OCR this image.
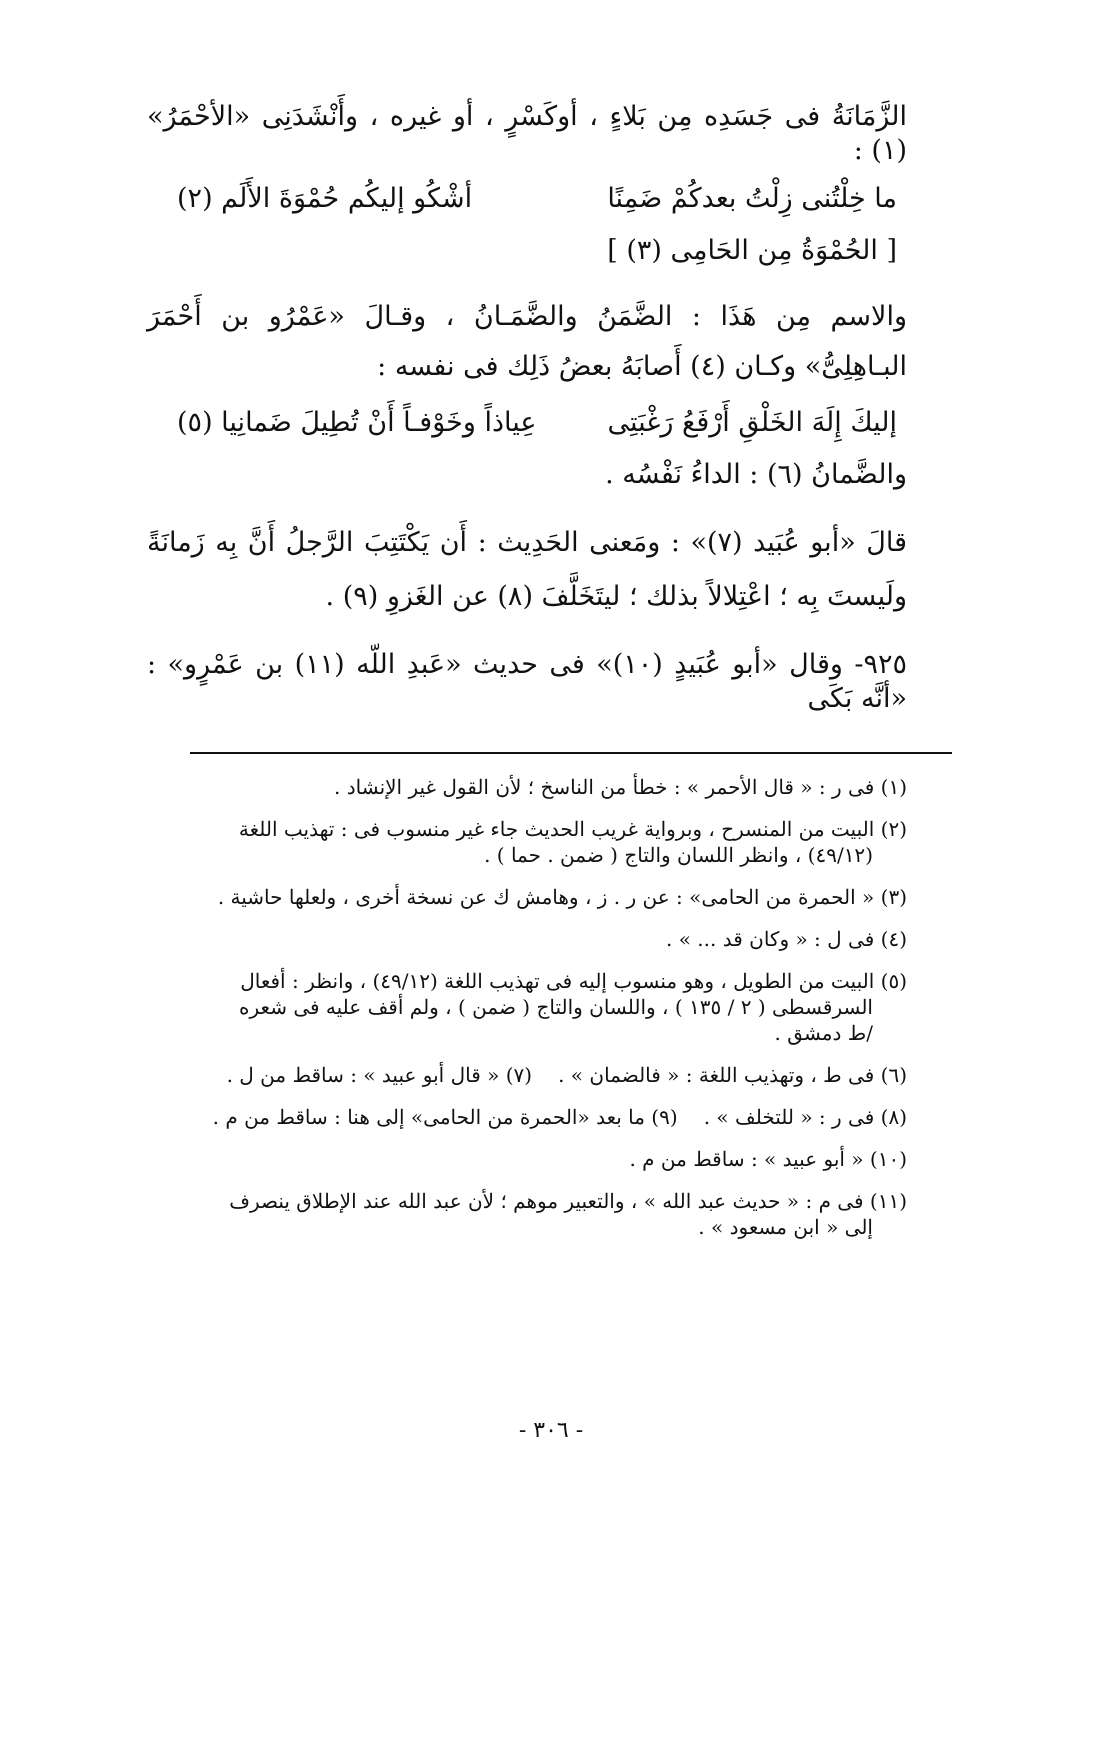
الزَّمَانَةُ فى جَسَدِه مِن بَلاءٍ ، أوكَسْرٍ ، أو غيره ، وأَنْشَدَنِى «الأحْمَرُ» (١) :

ما خِلْتُنى زِلْتُ بعدكُمْ ضَمِنًا
أشْكُو إليكُم حُمْوَةَ الأَلَم (٢)

[ الحُمْوَةُ مِن الحَامِى (٣) ]

والاسم مِن هَذَا : الضَّمَنُ والضَّمَـانُ ، وقـالَ «عَمْرُو بن أَحْمَرَ البـاهِلِىُّ» وكـان (٤) أَصابَهُ بعضُ ذَلِك فى نفسه :

إليكَ إِلَهَ الخَلْقِ أَرْفَعُ رَغْبَتِى
عِياذاً وخَوْفـاً أَنْ تُطِيلَ ضَمانِيا (٥)

والضَّمانُ (٦) : الداءُ نَفْسُه .

قالَ «أبو عُبَيد (٧)» : ومَعنى الحَدِيث : أَن يَكْتَتِبَ الرَّجلُ أَنَّ بِه زَمانَةً ولَيستَ بِه ؛ اعْتِلالاً بذلك ؛ ليتَخَلَّفَ (٨) عن الغَزوِ (٩) .

٩٢٥- وقال «أبو عُبَيدٍ (١٠)» فى حديث «عَبدِ اللّه (١١) بن عَمْرٍو» : «أنَّه بَكَى

(١) فى ر : « قال الأحمر » : خطأ من الناسخ ؛ لأن القول غير الإنشاد .

(٢) البيت من المنسرح ، وبرواية غريب الحديث جاء غير منسوب فى : تهذيب اللغة
(٤٩/١٢) ، وانظر اللسان والتاج ( ضمن . حما ) .

(٣) « الحمرة من الحامى» : عن ر . ز ، وهامش ك عن نسخة أخرى ، ولعلها حاشية .

(٤) فى ل : « وكان قد ... » .

(٥) البيت من الطويل ، وهو منسوب إليه فى تهذيب اللغة (٤٩/١٢) ، وانظر : أفعال
السرقسطى ( ٢ / ١٣٥ ) ، واللسان والتاج ( ضمن ) ، ولم أقف عليه فى شعره
/ط دمشق .

(٦) فى ط ، وتهذيب اللغة : « فالضمان » .(٧) « قال أبو عبيد » : ساقط من ل .

(٨) فى ر : « للتخلف » .(٩) ما بعد «الحمرة من الحامى» إلى هنا : ساقط من م .

(١٠) « أبو عبيد » : ساقط من م .

(١١) فى م : « حديث عبد الله » ، والتعبير موهم ؛ لأن عبد الله عند الإطلاق ينصرف
إلى « ابن مسعود » .

- ٣٠٦ -
